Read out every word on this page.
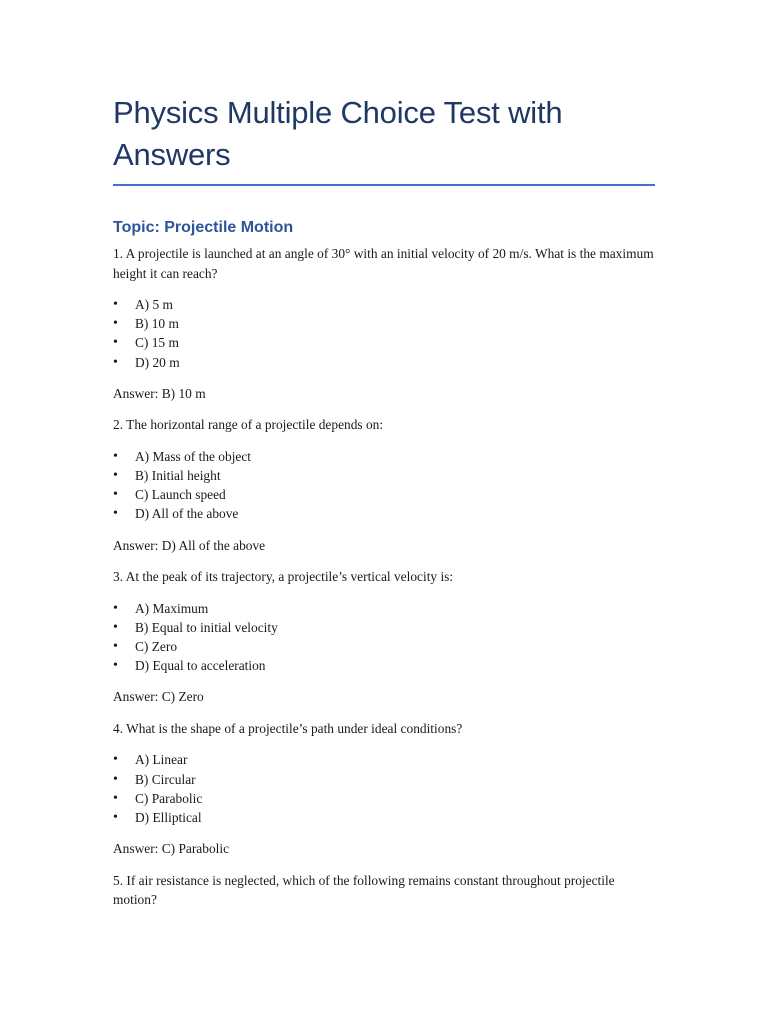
Physics Multiple Choice Test with Answers
Topic: Projectile Motion
1. A projectile is launched at an angle of 30° with an initial velocity of 20 m/s. What is the maximum height it can reach?
• A) 5 m
• B) 10 m
• C) 15 m
• D) 20 m
Answer: B) 10 m
2. The horizontal range of a projectile depends on:
• A) Mass of the object
• B) Initial height
• C) Launch speed
• D) All of the above
Answer: D) All of the above
3. At the peak of its trajectory, a projectile’s vertical velocity is:
• A) Maximum
• B) Equal to initial velocity
• C) Zero
• D) Equal to acceleration
Answer: C) Zero
4. What is the shape of a projectile’s path under ideal conditions?
• A) Linear
• B) Circular
• C) Parabolic
• D) Elliptical
Answer: C) Parabolic
5. If air resistance is neglected, which of the following remains constant throughout projectile motion?
